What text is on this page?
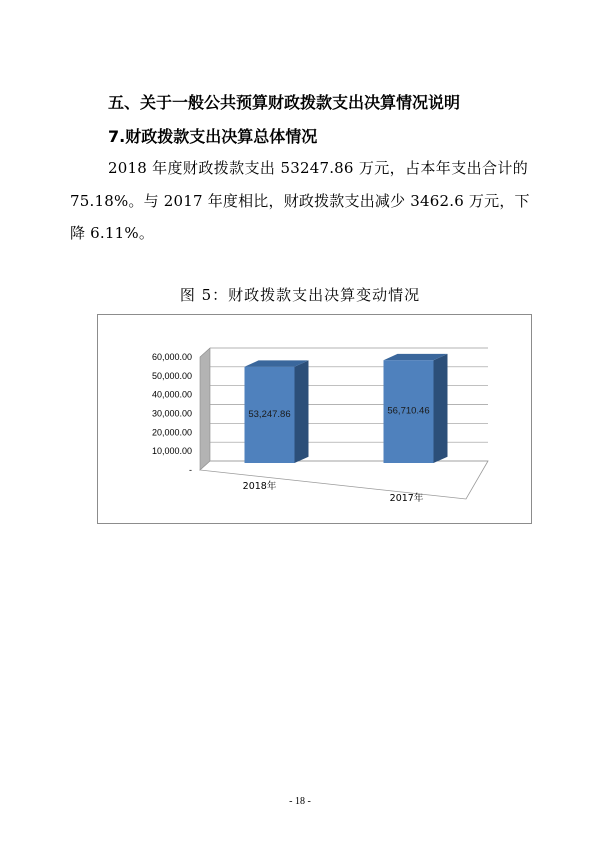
五、关于一般公共预算财政拨款支出决算情况说明
7.财政拨款支出决算总体情况
2018 年度财政拨款支出 53247.86 万元，占本年支出合计的
75.18%。与 2017 年度相比，财政拨款支出减少 3462.6 万元，下
降 6.11%。
图 5：财政拨款支出决算变动情况
-
10,000.00
20,000.00
30,000.00
40,000.00
50,000.00
60,000.00
53,247.86
2018年
56,710.46
2017年
- 18 -
